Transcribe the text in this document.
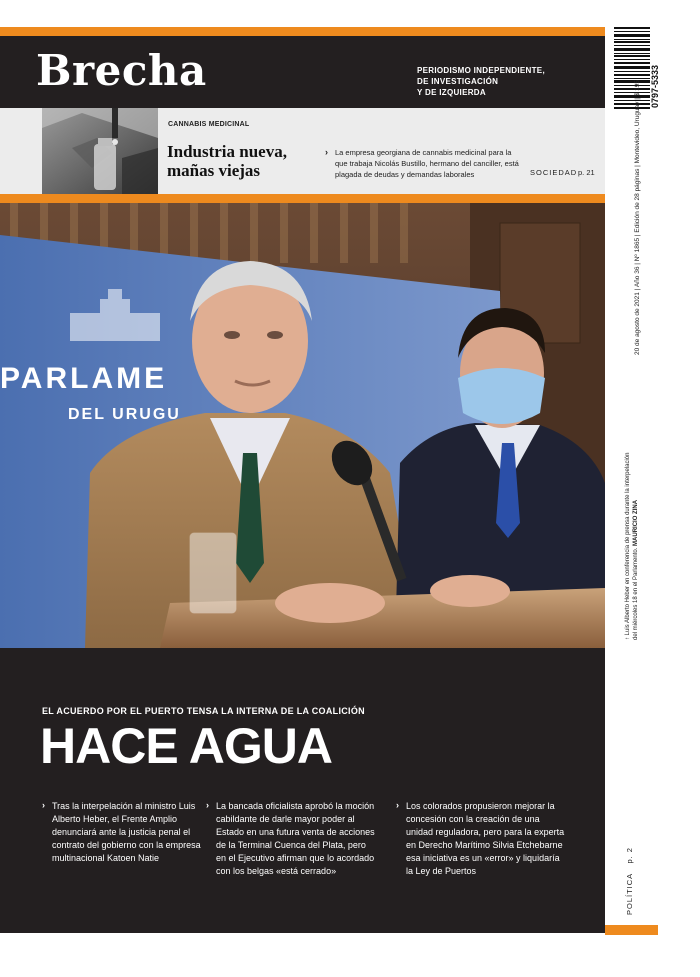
Brecha	PERIODISMO INDEPENDIENTE,
DE INVESTIGACIÓN
Y DE IZQUIERDA
CANNABIS MEDICINAL
Industria nueva,
mañas viejas
› La empresa georgiana de cannabis medicinal para la que trabaja Nicolás Bustillo, hermano del canciller, está plagada de deudas y demandas laborales	SOCIEDAD p. 21
PARLAME
DEL URUGU
EL ACUERDO POR EL PUERTO TENSA LA INTERNA DE LA COALICIÓN
HACE AGUA
› Tras la interpelación al ministro Luis Alberto Heber, el Frente Amplio denunciará ante la justicia penal el contrato del gobierno con la empresa multinacional Katoen Natie
› La bancada oficialista aprobó la moción cabildante de darle mayor poder al Estado en una futura venta de acciones de la Terminal Cuenca del Plata, pero en el Ejecutivo afirman que lo acordado con los belgas «está cerrado»
› Los colorados propusieron mejorar la concesión con la creación de una unidad reguladora, pero para la experta en Derecho Marítimo Silvia Etchebarne esa iniciativa es un «error» y liquidaría la Ley de Puertos
0797-5333
20 de agosto de 2021 | Año 36 | Nº 1865 | Edición de 28 páginas | Montevideo, Uruguay | $ 195
↑ Luis Alberto Heber en conferencia de prensa durante la interpelación del miércoles 18 en el Parlamento. MAURICIO ZINA
POLÍTICA   p. 2
